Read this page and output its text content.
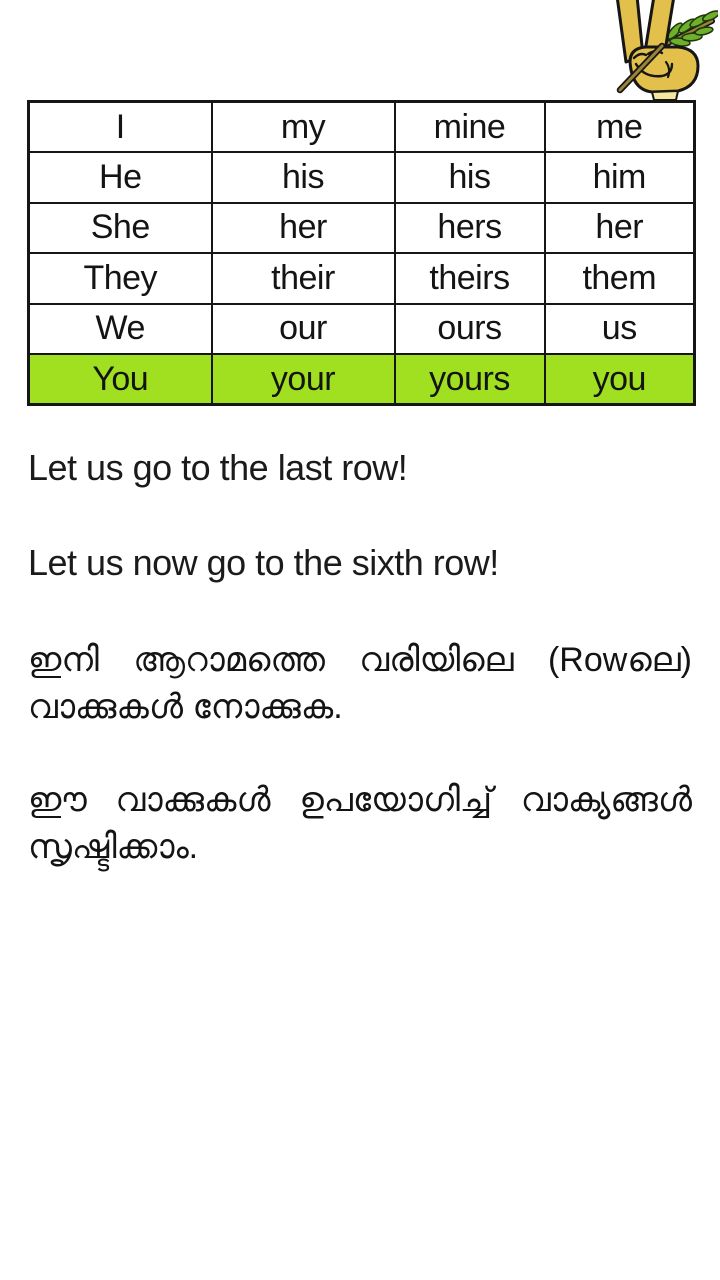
I	my	mine	me
He	his	his	him
She	her	hers	her
They	their	theirs	them
We	our	ours	us
You	your	yours	you
Let us go to the last row!
Let us now go to the sixth row!
ഇനി ആറാമത്തെ വരിയിലെ (Rowലെ)
വാക്കുകൾ നോക്കുക.
ഈ വാക്കുകൾ ഉപയോഗിച്ച് വാക്യങ്ങൾ
സൃഷ്ടിക്കാം.
